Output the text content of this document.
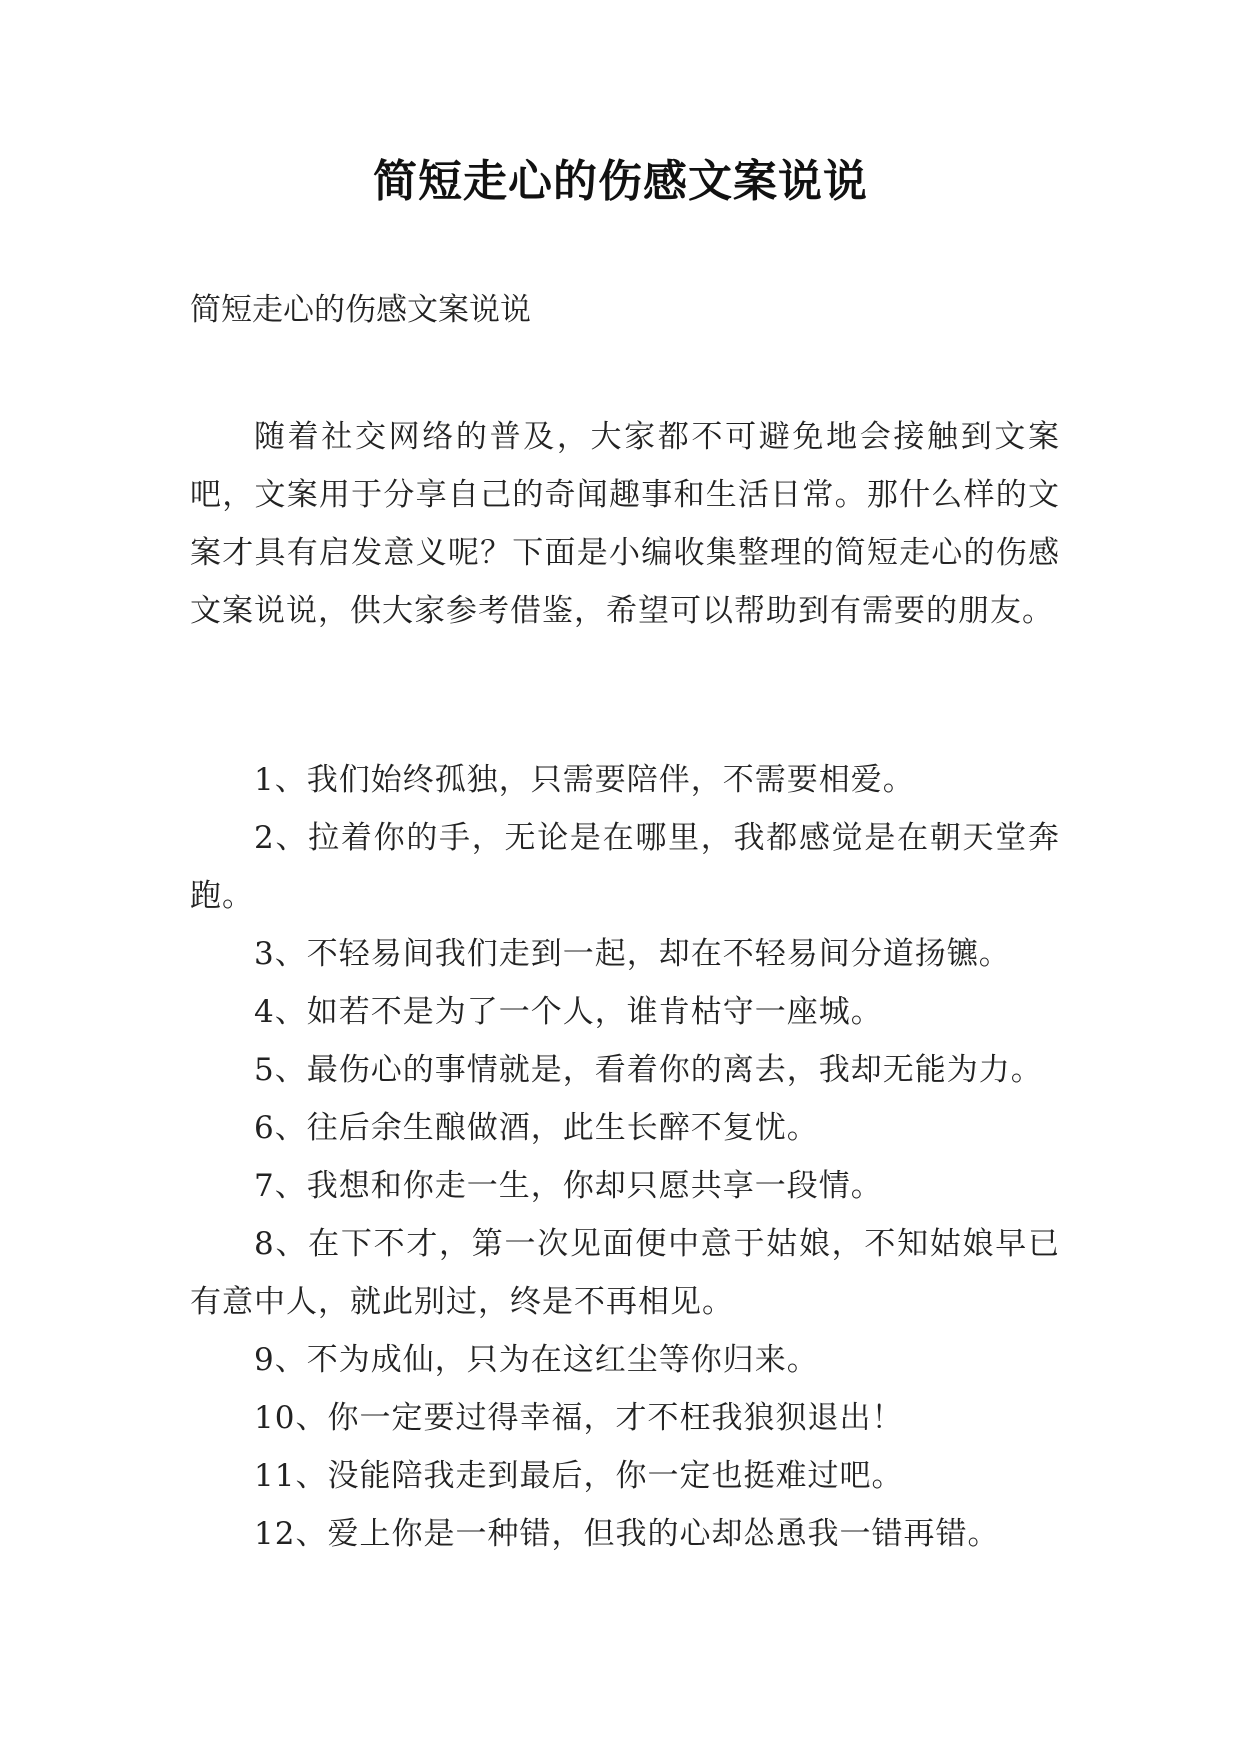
简短走心的伤感文案说说
简短走心的伤感文案说说

随着社交网络的普及，大家都不可避免地会接触到文案吧，文案用于分享自己的奇闻趣事和生活日常。那什么样的文案才具有启发意义呢？下面是小编收集整理的简短走心的伤感文案说说，供大家参考借鉴，希望可以帮助到有需要的朋友。

1、我们始终孤独，只需要陪伴，不需要相爱。

2、拉着你的手，无论是在哪里，我都感觉是在朝天堂奔跑。

3、不轻易间我们走到一起，却在不轻易间分道扬镳。

4、如若不是为了一个人，谁肯枯守一座城。

5、最伤心的事情就是，看着你的离去，我却无能为力。

6、往后余生酿做酒，此生长醉不复忧。

7、我想和你走一生，你却只愿共享一段情。

8、在下不才，第一次见面便中意于姑娘，不知姑娘早已有意中人，就此别过，终是不再相见。

9、不为成仙，只为在这红尘等你归来。

10、你一定要过得幸福，才不枉我狼狈退出！

11、没能陪我走到最后，你一定也挺难过吧。

12、爱上你是一种错，但我的心却怂恿我一错再错。
